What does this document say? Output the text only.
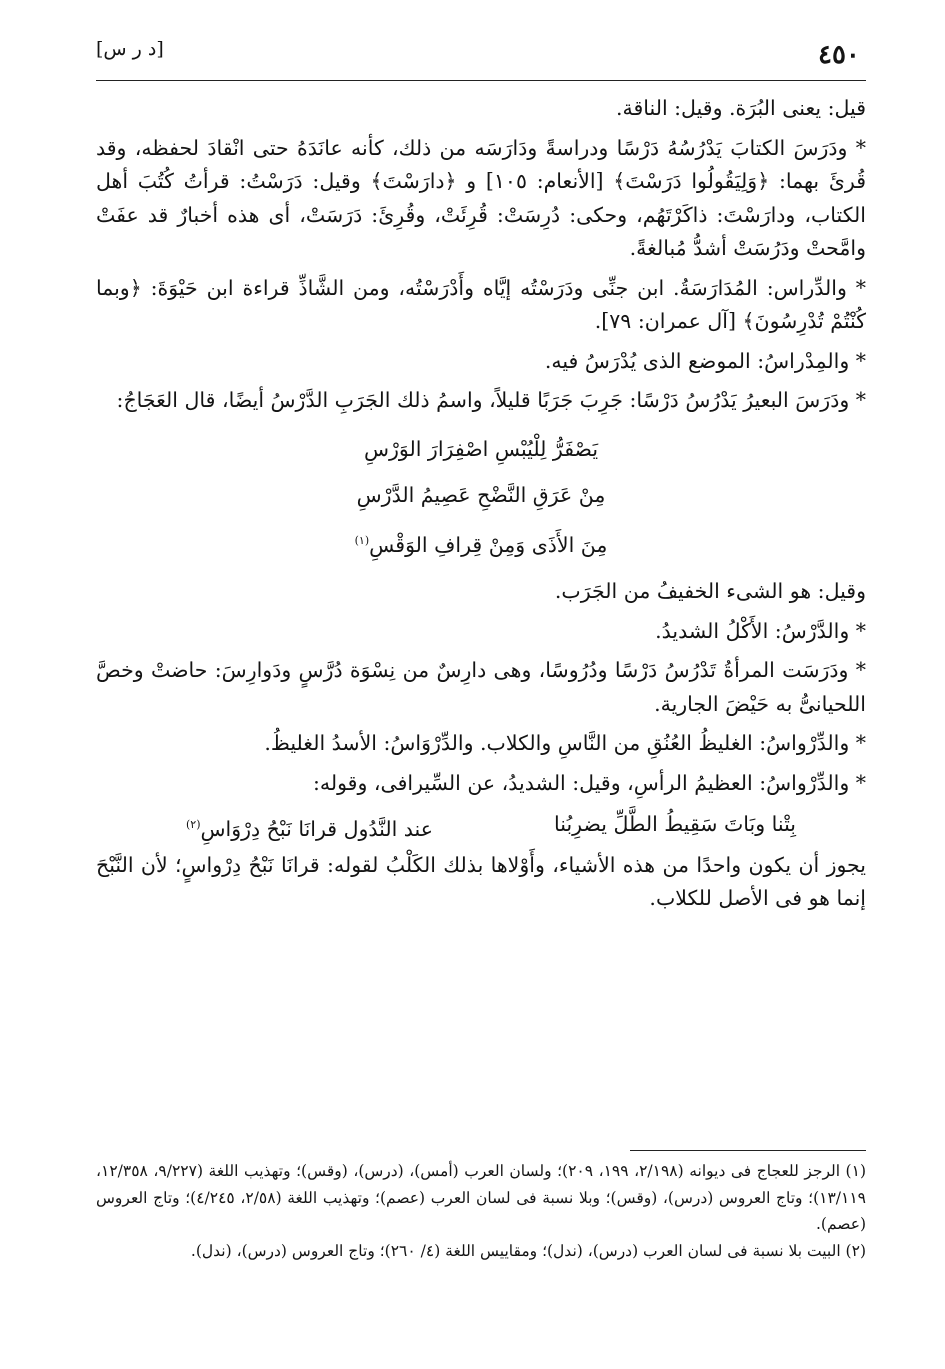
٤٥٠
[د ر س]

قيل: يعنى البُرَة. وقيل: الناقة.

* ودَرَسَ الكتابَ يَدْرُسُهُ دَرْسًا ودراسةً ودَارَسَه من ذلك، كأنه عانَدَهُ حتى انْقادَ لحفظه، وقد قُرئَ بهما: ﴿وَلِيَقُولُوا دَرَسْتَ﴾ [الأنعام: ١٠٥] و ﴿دارَسْتَ﴾ وقيل: دَرَسْتُ: قرأتُ كُتُبَ أهل الكتاب، ودارَسْتَ: ذاكَرْتَهُم، وحكى: دُرِسَتْ: قُرِئَتْ، وقُرِئَ: دَرَسَتْ، أى هذه أخبارٌ قد عفَتْ وامَّحتْ ودَرُسَتْ أشدُّ مُبالغةً.

* والدِّراس: المُدَارَسَةُ. ابن جنِّى ودَرَسْتُه إيَّاه وأَدْرَسْتُه، ومن الشَّاذِّ قراءة ابن حَيْوَةَ: ﴿وبما كُنْتُمْ تُدْرِسُونَ﴾ [آل عمران: ٧٩].

* والمِدْراسُ: الموضع الذى يُدْرَسُ فيه.

* ودَرَسَ البعيرُ يَدْرُسُ دَرْسًا: جَرِبَ جَرَبًا قليلاً، واسمُ ذلك الجَرَبِ الدَّرْسُ أيضًا، قال العَجَاجُ:

يَصْفَرُّ لِلْيُبْسِ اصْفِرَارَ الوَرْسِ
مِنْ عَرَقِ النَّضْحِ عَصِيمُ الدَّرْسِ
مِنَ الأَذَى وَمِنْ قِرافِ الوَقْسِ$^{(١)}$

وقيل: هو الشىء الخفيفُ من الجَرَب.

* والدَّرْسُ: الأَكْلُ الشديدُ.

* ودَرَسَت المرأةُ تَدْرُسُ دَرْسًا ودُرُوسًا، وهى دارِسٌ من نِسْوَة دُرَّسٍ ودَوارِسَ: حاضتْ وخصَّ اللحيانىُّ به حَيْضَ الجارية.

* والدِّرْواسُ: الغليظُ العُنُقِ من النَّاسِ والكلاب. والدِّرْوَاسُ: الأسدُ الغليظُ.

* والدِّرْواسُ: العظيمُ الرأسِ، وقيل: الشديدُ، عن السِّيرافى، وقوله:

بِتْنا وبَاتَ سَقِيطُ الطَّلِّ يضرِبُنا
عند النَّدُول قرانَا نَبْحُ دِرْوَاسِ$^{(٢)}$

يجوز أن يكون واحدًا من هذه الأشياء، وأَوْلاها بذلك الكَلْبُ لقوله: قرانَا نَبْحُ دِرْواسٍ؛ لأن النَّبْحَ إنما هو فى الأصل للكلاب.

(١) الرجز للعجاج فى ديوانه (٢/١٩٨، ١٩٩، ٢٠٩)؛ ولسان العرب (أمس)، (درس)، (وقس)؛ وتهذيب اللغة (٩/٢٢٧، ١٢/٣٥٨، ١٣/١١٩)؛ وتاج العروس (درس)، (وقس)؛ وبلا نسبة فى لسان العرب (عصم)؛ وتهذيب اللغة (٢/٥٨، ٤/٢٤٥)؛ وتاج العروس (عصم).

(٢) البيت بلا نسبة فى لسان العرب (درس)، (ندل)؛ ومقاييس اللغة (٤/ ٢٦٠)؛ وتاج العروس (درس)، (ندل).
